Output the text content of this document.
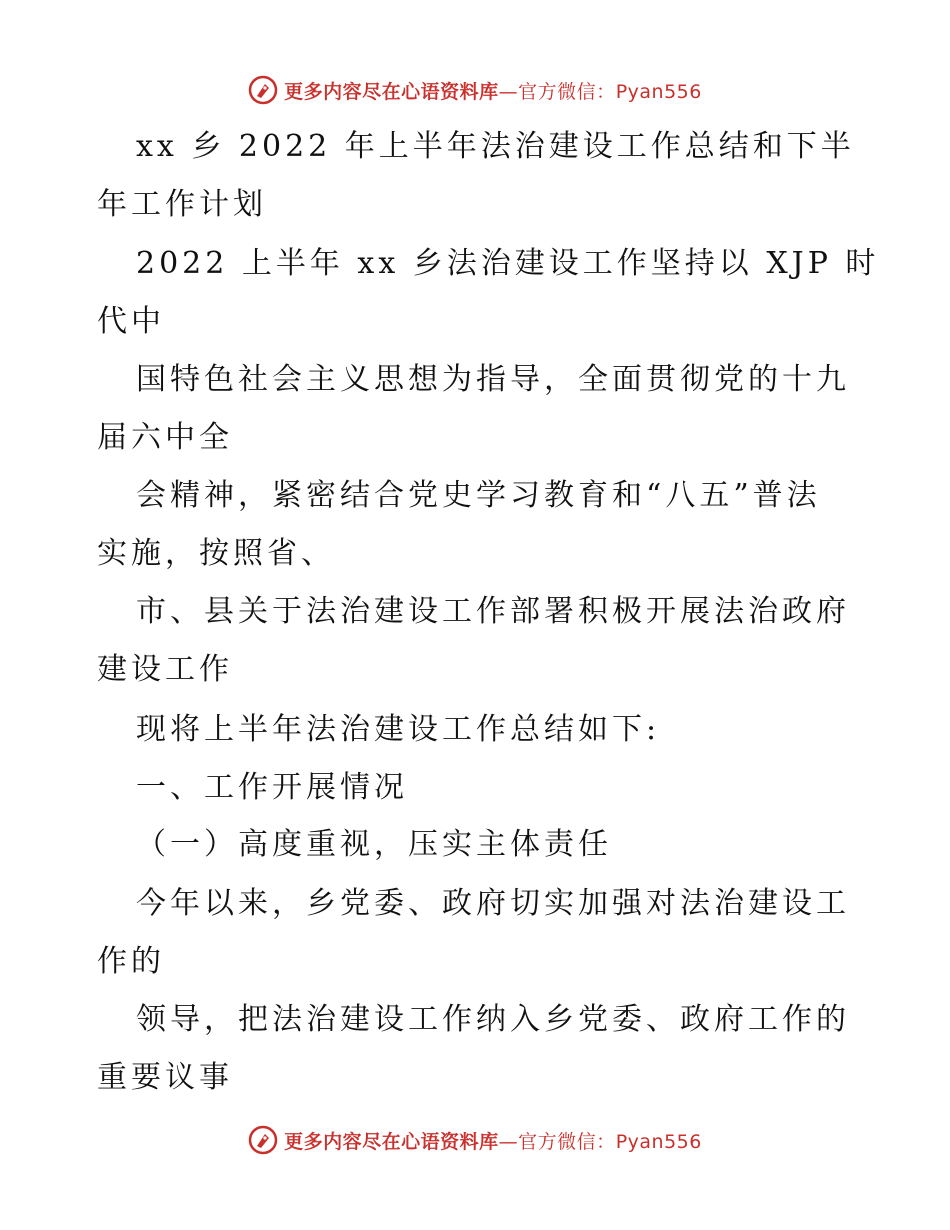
更多内容尽在心语资料库—官方微信：Pyan556
xx 乡 2022 年上半年法治建设工作总结和下半
年工作计划
2022 上半年 xx 乡法治建设工作坚持以 XJP 时
代中
国特色社会主义思想为指导，全面贯彻党的十九
届六中全
会精神，紧密结合党史学习教育和“八五”普法
实施，按照省、
市、县关于法治建设工作部署积极开展法治政府
建设工作
现将上半年法治建设工作总结如下:
一、工作开展情况
（一）高度重视，压实主体责任
今年以来，乡党委、政府切实加强对法治建设工
作的
领导，把法治建设工作纳入乡党委、政府工作的
重要议事
更多内容尽在心语资料库—官方微信：Pyan556
